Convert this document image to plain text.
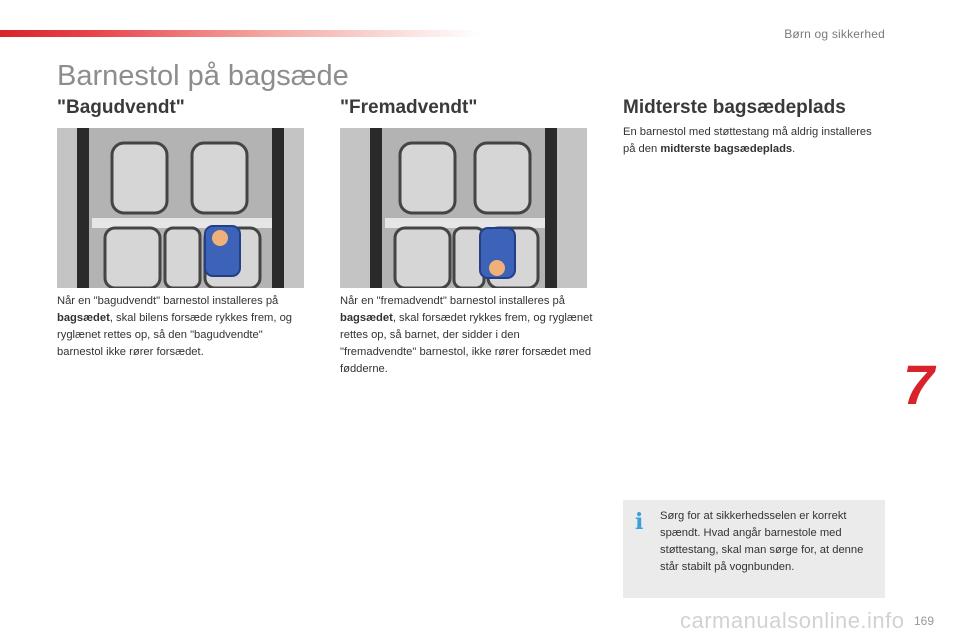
Børn og sikkerhed
Barnestol på bagsæde
"Bagudvendt"
Når en "bagudvendt" barnestol installeres på bagsædet, skal bilens forsæde rykkes frem, og ryglænet rettes op, så den "bagudvendte" barnestol ikke rører forsædet.
"Fremadvendt"
Når en "fremadvendt" barnestol installeres på bagsædet, skal forsædet rykkes frem, og ryglænet rettes op, så barnet, der sidder i den "fremadvendte" barnestol, ikke rører forsædet med fødderne.
Midterste bagsædeplads
En barnestol med støttestang må aldrig installeres på den midterste bagsædeplads.
7
i Sørg for at sikkerhedsselen er korrekt spændt. Hvad angår barnestole med støttestang, skal man sørge for, at denne står stabilt på vognbunden.
169
carmanualsonline.info
